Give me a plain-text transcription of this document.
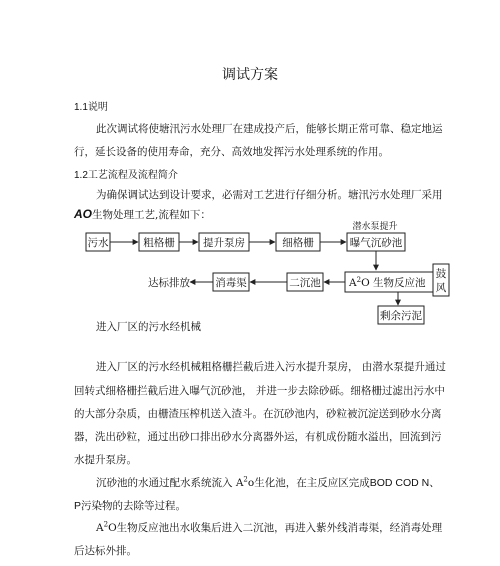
调试方案
1.1说明
此次调试将使塘汛污水处理厂在建成投产后，能够长期正常可靠、稳定地运
行，延长设备的使用寿命，充分、高效地发挥污水处理系统的作用。
1.2工艺流程及流程简介
为确保调试达到设计要求，必需对工艺进行仔细分析。塘汛污水处理厂采用
AO生物处理工艺,流程如下：
污水	粗格栅	提升泵房	细格栅
潜水泵提升
曝气沉砂池
$A^2O$ 生物反应池
二沉池
消毒渠
达标排放
鼓
风
剩余污泥
进入厂区的污水经机械
进入厂区的污水经机械粗格栅拦截后进入污水提升泵房， 由潜水泵提升通过
回转式细格栅拦截后进入曝气沉砂池， 并进一步去除砂砾。细格栅过滤出污水中
的大部分杂质，由栅渣压榨机送入渣斗。在沉砂池内，砂粒被沉淀送到砂水分离
器，洗出砂粒，通过出砂口排出砂水分离器外运，有机成份随水溢出，回流到污
水提升泵房。
沉砂池的水通过配水系统流入 $A^2o$生化池，在主反应区完成BOD COD N、
P污染物的去除等过程。
$A^2O$生物反应池出水收集后进入二沉池，再进入紫外线消毒渠，经消毒处理
后达标外排。
